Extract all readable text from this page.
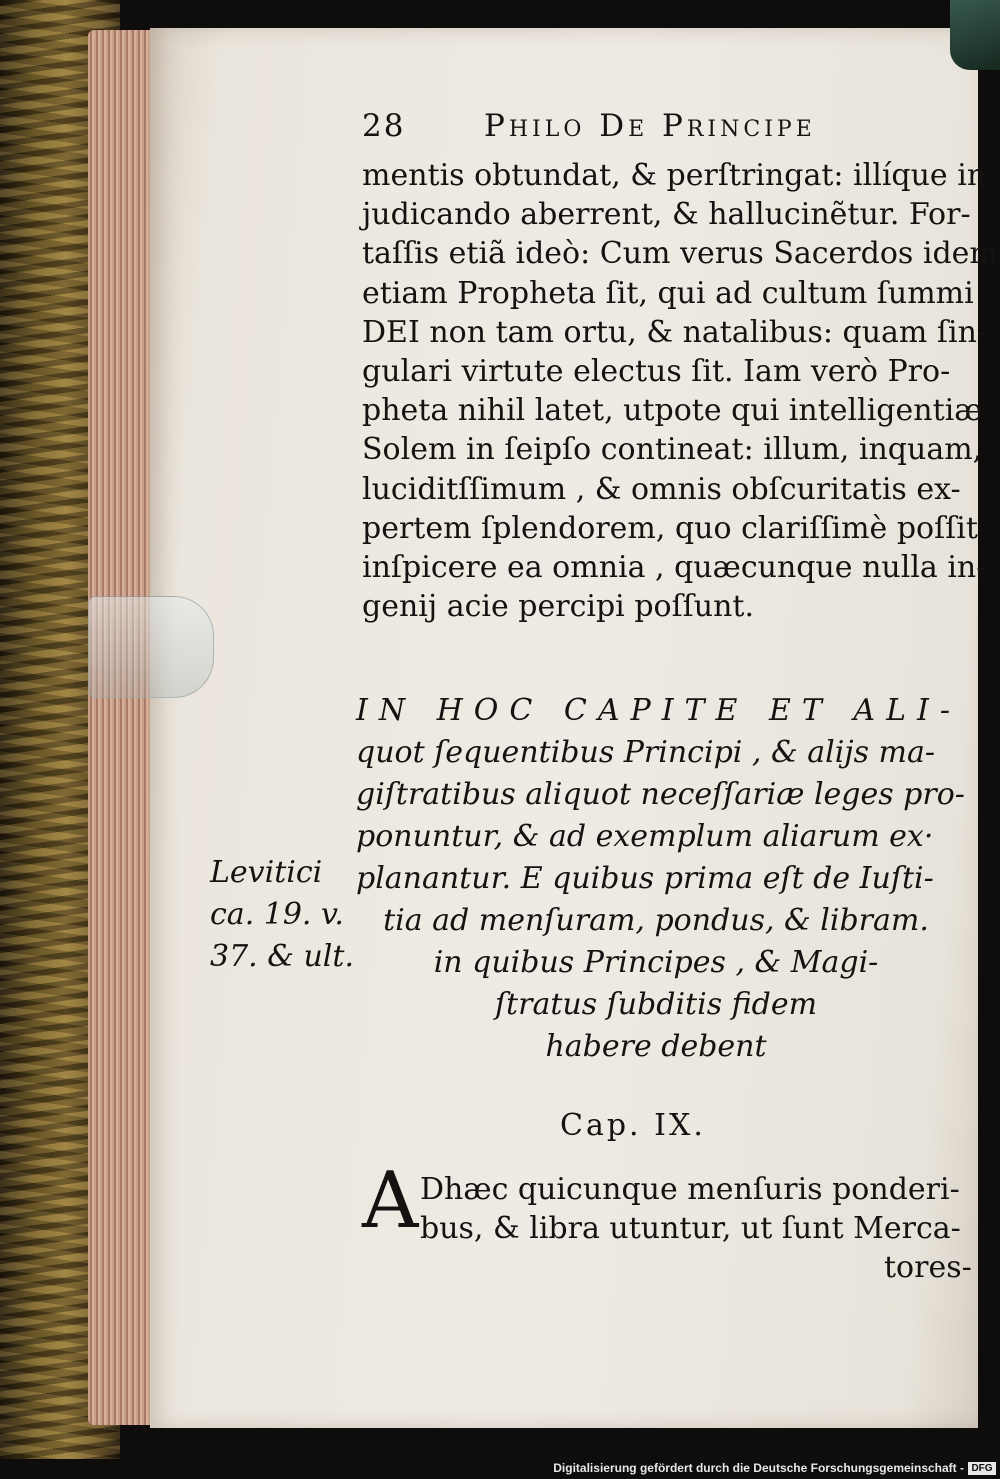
28	Philo De Principe
mentis obtundat, & perſtringat: illíque in
judicando aberrent, & hallucinẽtur. For-
taſſis etiã ideò: Cum verus Sacerdos idem
etiam Propheta ſit, qui ad cultum ſummi
DEI non tam ortu, & natalibus: quam ſin-
gulari virtute electus ſit. Iam verò Pro-
pheta nihil latet, utpote qui intelligentiæ
Solem in ſeipſo contineat: illum, inquam,
luciditſſimum , & omnis obſcuritatis ex-
pertem ſplendorem, quo clariſſimè poſſit
inſpicere ea omnia , quæcunque nulla in-
genij acie percipi poſſunt.
IN HOC CAPITE ET ALI-
quot ſequentibus Principi , & alijs ma-
giſtratibus aliquot neceſſariæ leges pro-
ponuntur, & ad exemplum aliarum ex·
planantur. E quibus prima eſt de Iuſti-
tia ad menſuram, pondus, & libram.
in quibus Principes , & Magi-
ſtratus ſubditis fidem
habere debent
Levitici
ca. 19. v.
37. & ult.
Cap. IX.
A Dhæc quicunque menſuris ponderi-
bus, & libra utuntur, ut ſunt Merca-
tores-
Digitalisierung gefördert durch die Deutsche Forschungsgemeinschaft - DFG
